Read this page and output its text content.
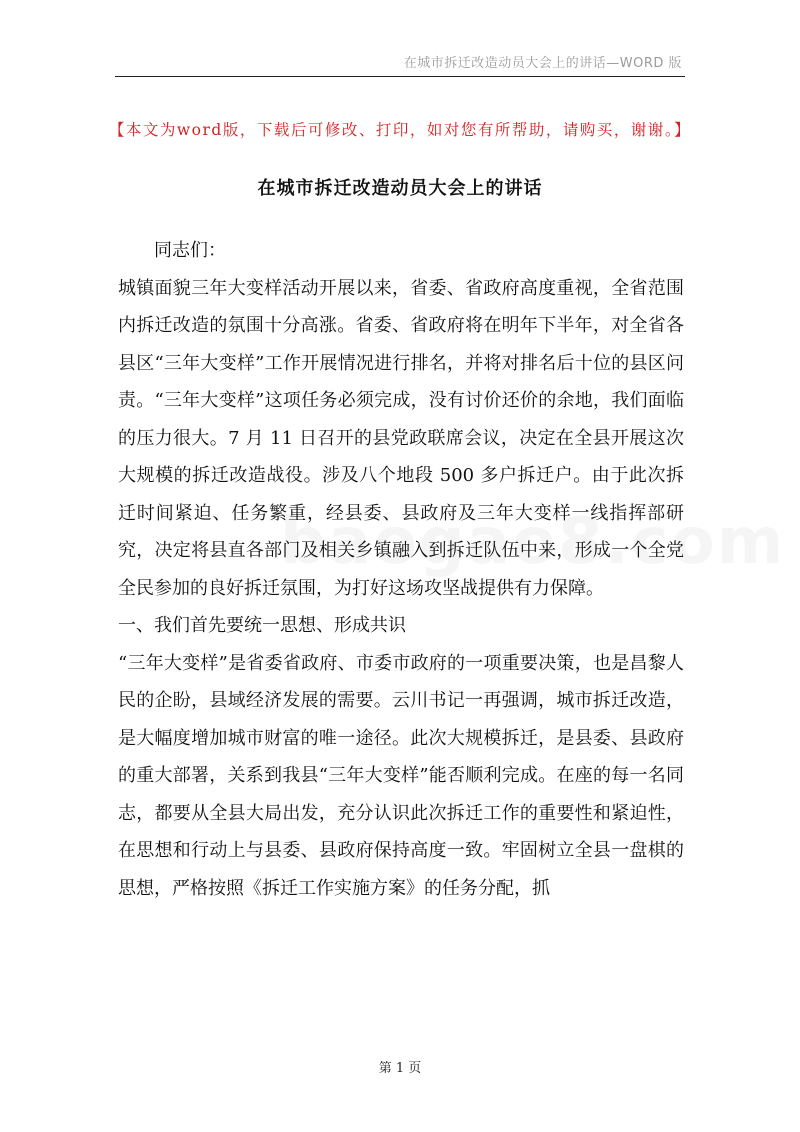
在城市拆迁改造动员大会上的讲话—WORD 版
【本文为word版，下载后可修改、打印，如对您有所帮助，请购买，谢谢。】
在城市拆迁改造动员大会上的讲话

同志们：

城镇面貌三年大变样活动开展以来，省委、省政府高度重视，全省范围内拆迁改造的氛围十分高涨。省委、省政府将在明年下半年，对全省各县区“三年大变样”工作开展情况进行排名，并将对排名后十位的县区问责。“三年大变样”这项任务必须完成，没有讨价还价的余地，我们面临的压力很大。7 月 11 日召开的县党政联席会议，决定在全县开展这次大规模的拆迁改造战役。涉及八个地段 500 多户拆迁户。由于此次拆迁时间紧迫、任务繁重，经县委、县政府及三年大变样一线指挥部研究，决定将县直各部门及相关乡镇融入到拆迁队伍中来，形成一个全党全民参加的良好拆迁氛围，为打好这场攻坚战提供有力保障。

一、我们首先要统一思想、形成共识

“三年大变样”是省委省政府、市委市政府的一项重要决策，也是昌黎人民的企盼，县域经济发展的需要。云川书记一再强调，城市拆迁改造，是大幅度增加城市财富的唯一途径。此次大规模拆迁，是县委、县政府的重大部署，关系到我县“三年大变样”能否顺利完成。在座的每一名同志，都要从全县大局出发，充分认识此次拆迁工作的重要性和紧迫性，在思想和行动上与县委、县政府保持高度一致。牢固树立全县一盘棋的思想，严格按照《拆迁工作实施方案》的任务分配，抓

第 1 页
